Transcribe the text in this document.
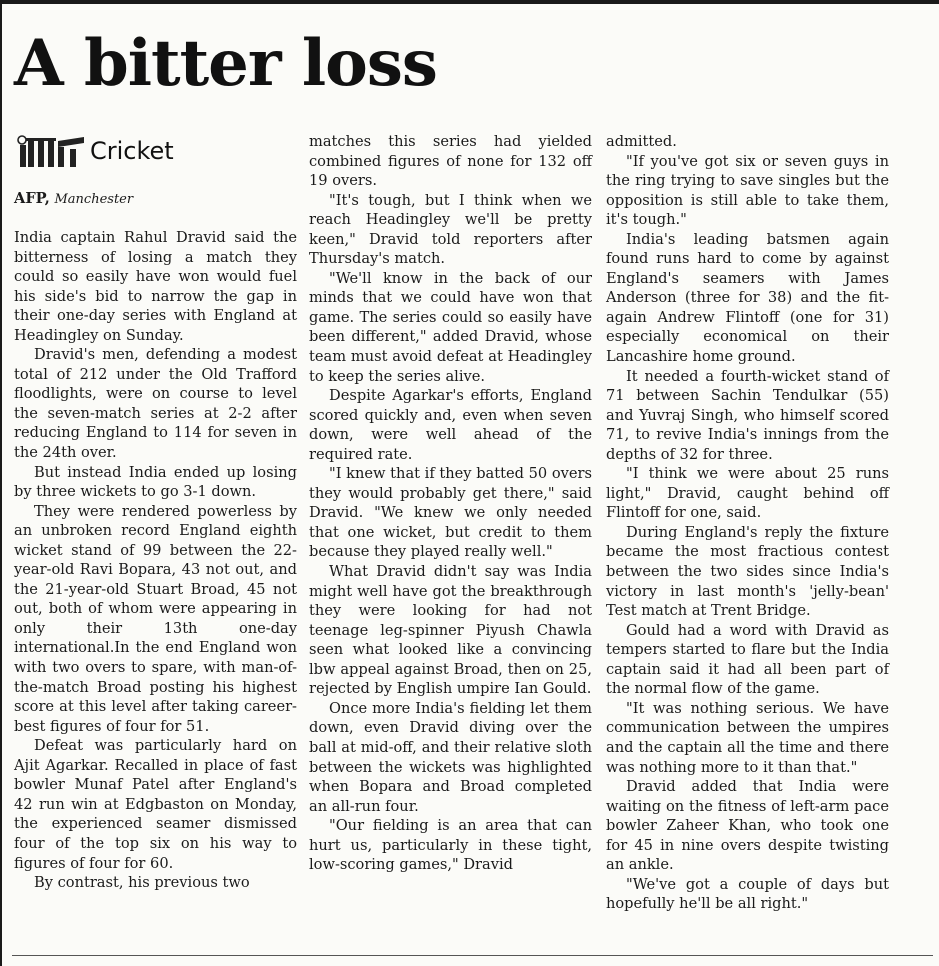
A bitter loss
Cricket
AFP, Manchester

India captain Rahul Dravid said the bitterness of losing a match they could so easily have won would fuel his side's bid to narrow the gap in their one-day series with England at Headingley on Sunday.

Dravid's men, defending a modest total of 212 under the Old Trafford floodlights, were on course to level the seven-match series at 2-2 after reducing England to 114 for seven in the 24th over.

But instead India ended up losing by three wickets to go 3-1 down.

They were rendered powerless by an unbroken record England eighth wicket stand of 99 between the 22-year-old Ravi Bopara, 43 not out, and the 21-year-old Stuart Broad, 45 not out, both of whom were appearing in only their 13th one-day international.In the end England won with two overs to spare, with man-of-the-match Broad posting his highest score at this level after taking career-best figures of four for 51.

Defeat was particularly hard on Ajit Agarkar. Recalled in place of fast bowler Munaf Patel after England's 42 run win at Edgbaston on Monday, the experienced seamer dismissed four of the top six on his way to figures of four for 60.

By contrast, his previous two

matches this series had yielded combined figures of none for 132 off 19 overs.

"It's tough, but I think when we reach Headingley we'll be pretty keen," Dravid told reporters after Thursday's match.

"We'll know in the back of our minds that we could have won that game. The series could so easily have been different," added Dravid, whose team must avoid defeat at Headingley to keep the series alive.

Despite Agarkar's efforts, England scored quickly and, even when seven down, were well ahead of the required rate.

"I knew that if they batted 50 overs they would probably get there," said Dravid. "We knew we only needed that one wicket, but credit to them because they played really well."

What Dravid didn't say was India might well have got the breakthrough they were looking for had not teenage leg-spinner Piyush Chawla seen what looked like a convincing lbw appeal against Broad, then on 25, rejected by English umpire Ian Gould.

Once more India's fielding let them down, even Dravid diving over the ball at mid-off, and their relative sloth between the wickets was highlighted when Bopara and Broad completed an all-run four.

"Our fielding is an area that can hurt us, particularly in these tight, low-scoring games," Dravid

admitted.

"If you've got six or seven guys in the ring trying to save singles but the opposition is still able to take them, it's tough."

India's leading batsmen again found runs hard to come by against England's seamers with James Anderson (three for 38) and the fit-again Andrew Flintoff (one for 31) especially economical on their Lancashire home ground.

It needed a fourth-wicket stand of 71 between Sachin Tendulkar (55) and Yuvraj Singh, who himself scored 71, to revive India's innings from the depths of 32 for three.

"I think we were about 25 runs light," Dravid, caught behind off Flintoff for one, said.

During England's reply the fixture became the most fractious contest between the two sides since India's victory in last month's 'jelly-bean' Test match at Trent Bridge.

Gould had a word with Dravid as tempers started to flare but the India captain said it had all been part of the normal flow of the game.

"It was nothing serious. We have communication between the umpires and the captain all the time and there was nothing more to it than that."

Dravid added that India were waiting on the fitness of left-arm pace bowler Zaheer Khan, who took one for 45 in nine overs despite twisting an ankle.

"We've got a couple of days but hopefully he'll be all right."
